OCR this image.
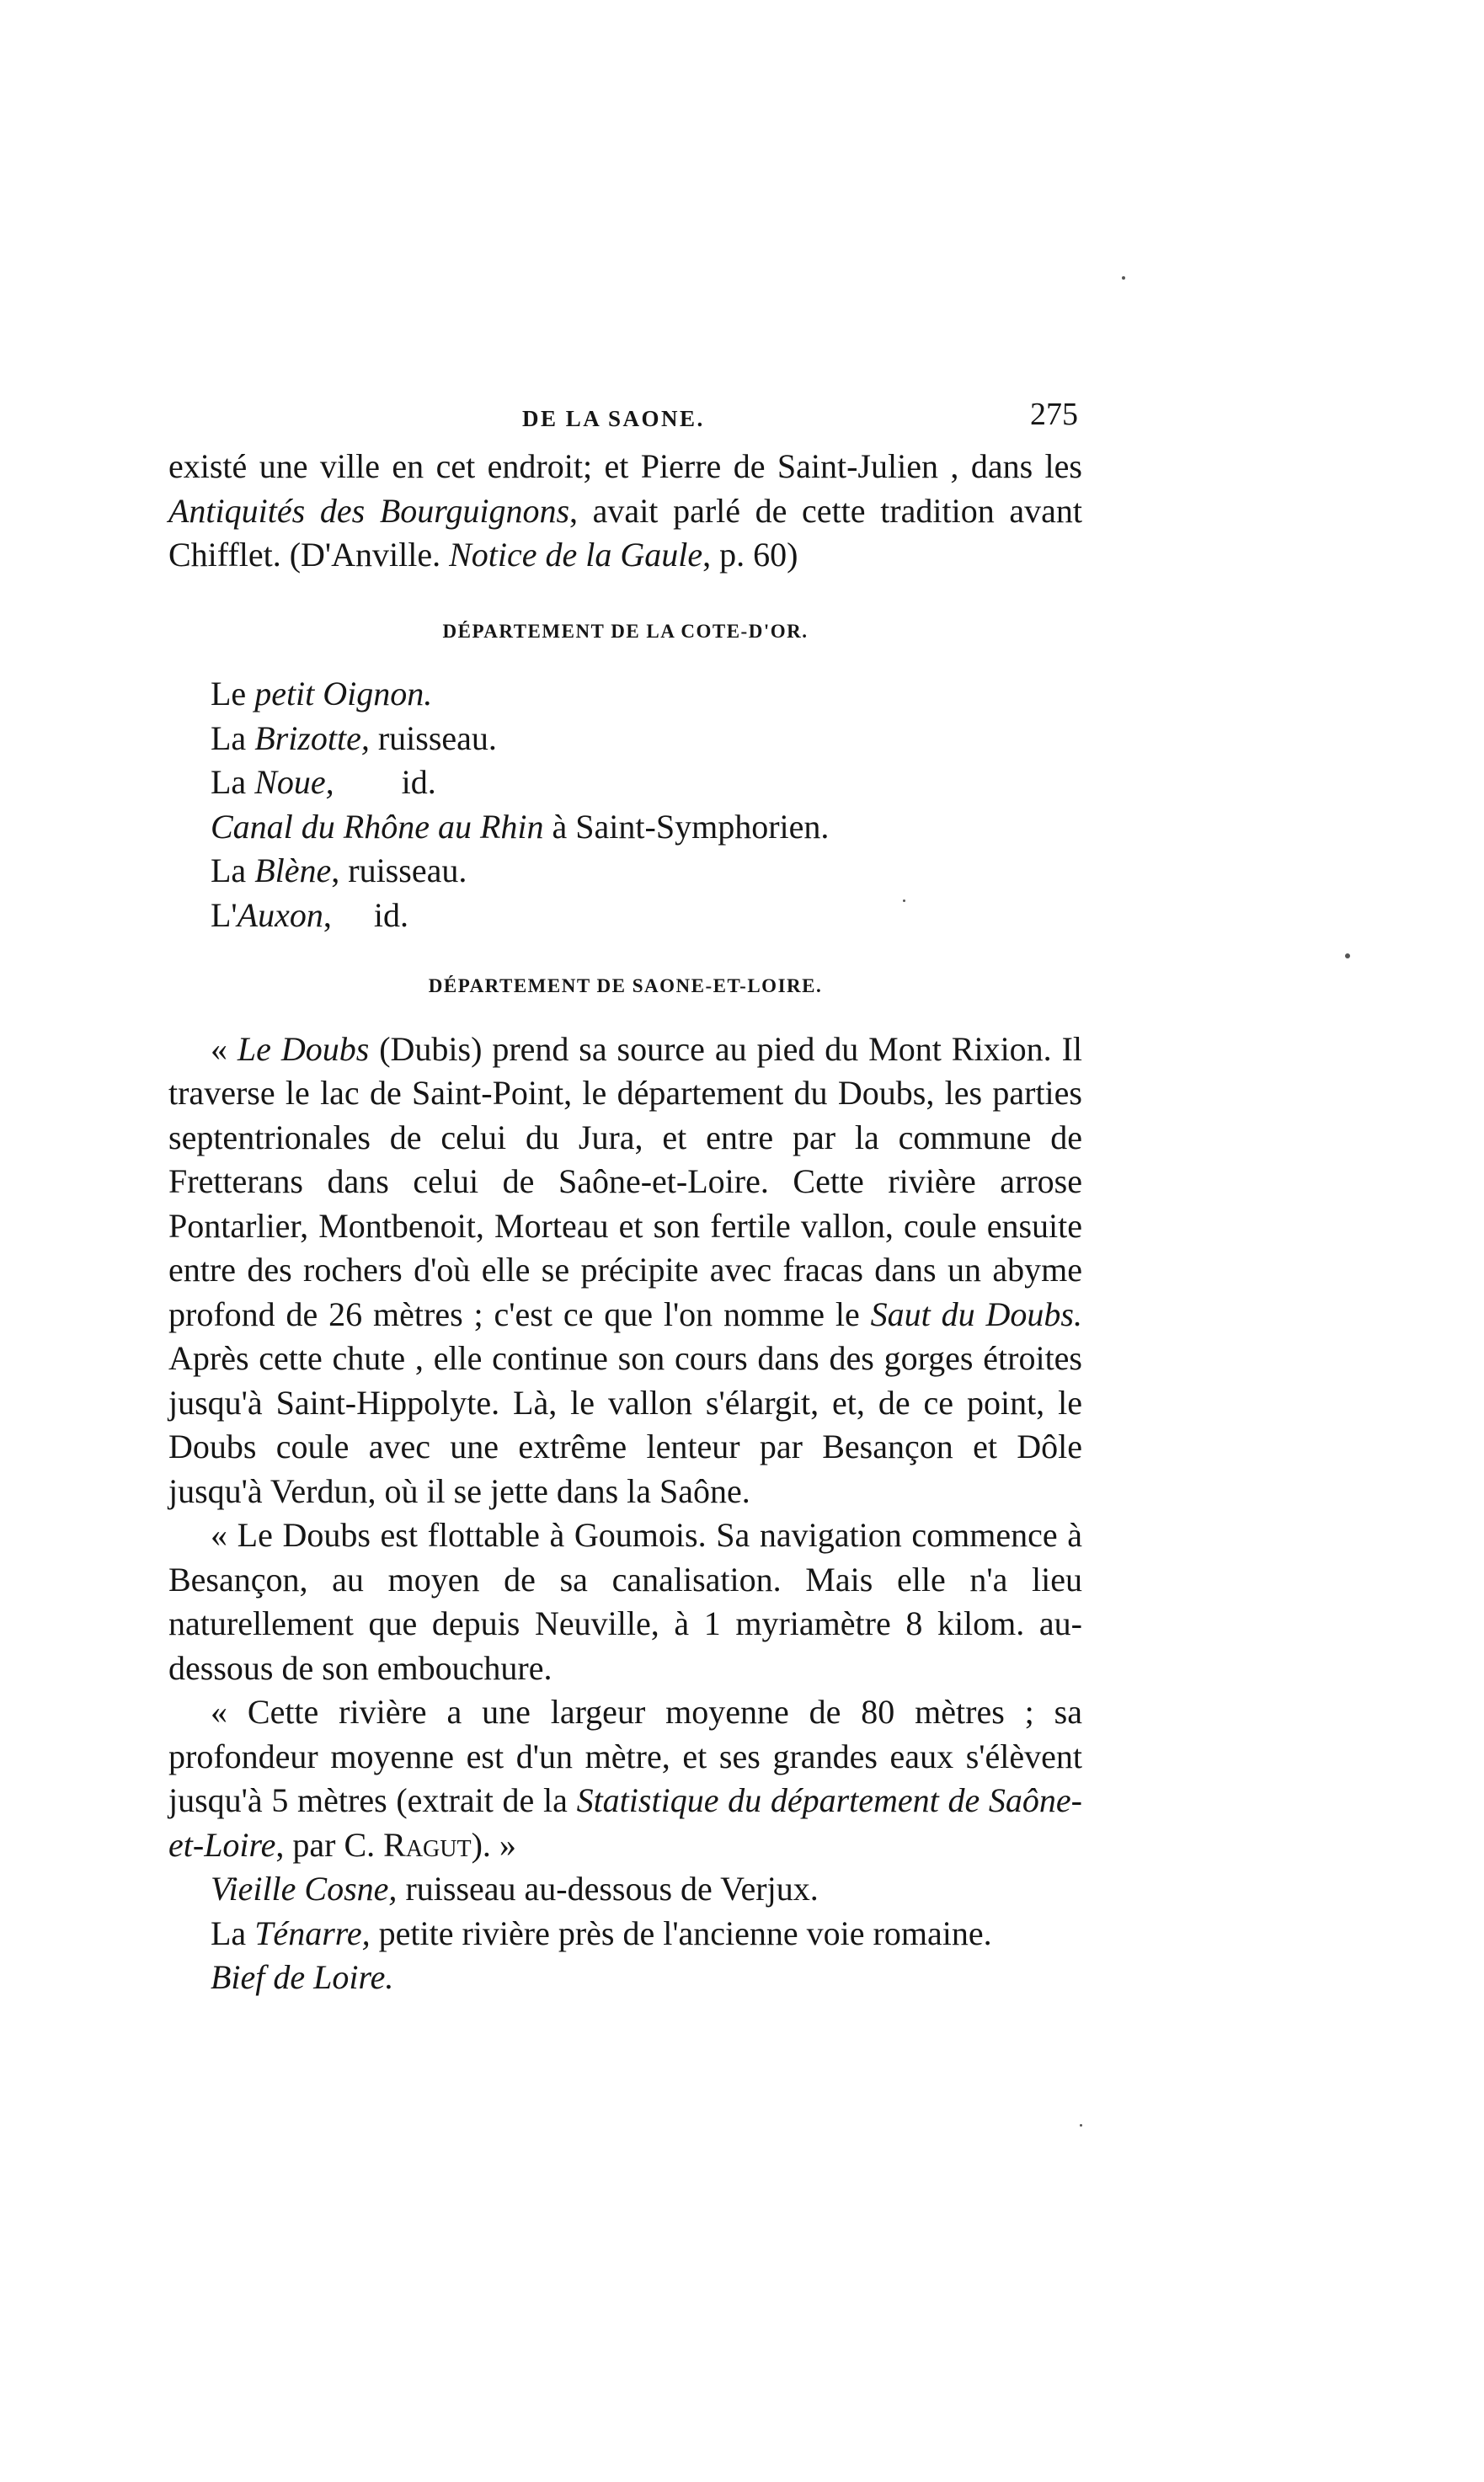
DE LA SAONE.	275

existé une ville en cet endroit; et Pierre de Saint-Julien , dans les Antiquités des Bourguignons, avait parlé de cette tradition avant Chifflet. (D'Anville. Notice de la Gaule, p. 60)

DÉPARTEMENT DE LA COTE-D'OR.
Le petit Oignon.
La Brizotte, ruisseau.
La Noue,        id.
Canal du Rhône au Rhin à Saint-Symphorien.
La Blène, ruisseau.
L'Auxon,     id.
DÉPARTEMENT DE SAONE-ET-LOIRE.

« Le Doubs (Dubis) prend sa source au pied du Mont Rixion. Il traverse le lac de Saint-Point, le département du Doubs, les parties septentrionales de celui du Jura, et entre par la commune de Fretterans dans celui de Saône-et-Loire. Cette rivière arrose Pontarlier, Montbenoit, Morteau et son fertile vallon, coule ensuite entre des rochers d'où elle se précipite avec fracas dans un abyme profond de 26 mètres ; c'est ce que l'on nomme le Saut du Doubs. Après cette chute , elle continue son cours dans des gorges étroites jusqu'à Saint-Hippolyte. Là, le vallon s'élargit, et, de ce point, le Doubs coule avec une extrême lenteur par Besançon et Dôle jusqu'à Verdun, où il se jette dans la Saône.

« Le Doubs est flottable à Goumois. Sa navigation commence à Besançon, au moyen de sa canalisation. Mais elle n'a lieu naturellement que depuis Neuville, à 1 myriamètre 8 kilom. au-dessous de son embouchure.

« Cette rivière a une largeur moyenne de 80 mètres ; sa profondeur moyenne est d'un mètre, et ses grandes eaux s'élèvent jusqu'à 5 mètres (extrait de la Statistique du département de Saône-et-Loire, par C. Ragut). »

Vieille Cosne, ruisseau au-dessous de Verjux.
La Ténarre, petite rivière près de l'ancienne voie romaine.
Bief de Loire.
